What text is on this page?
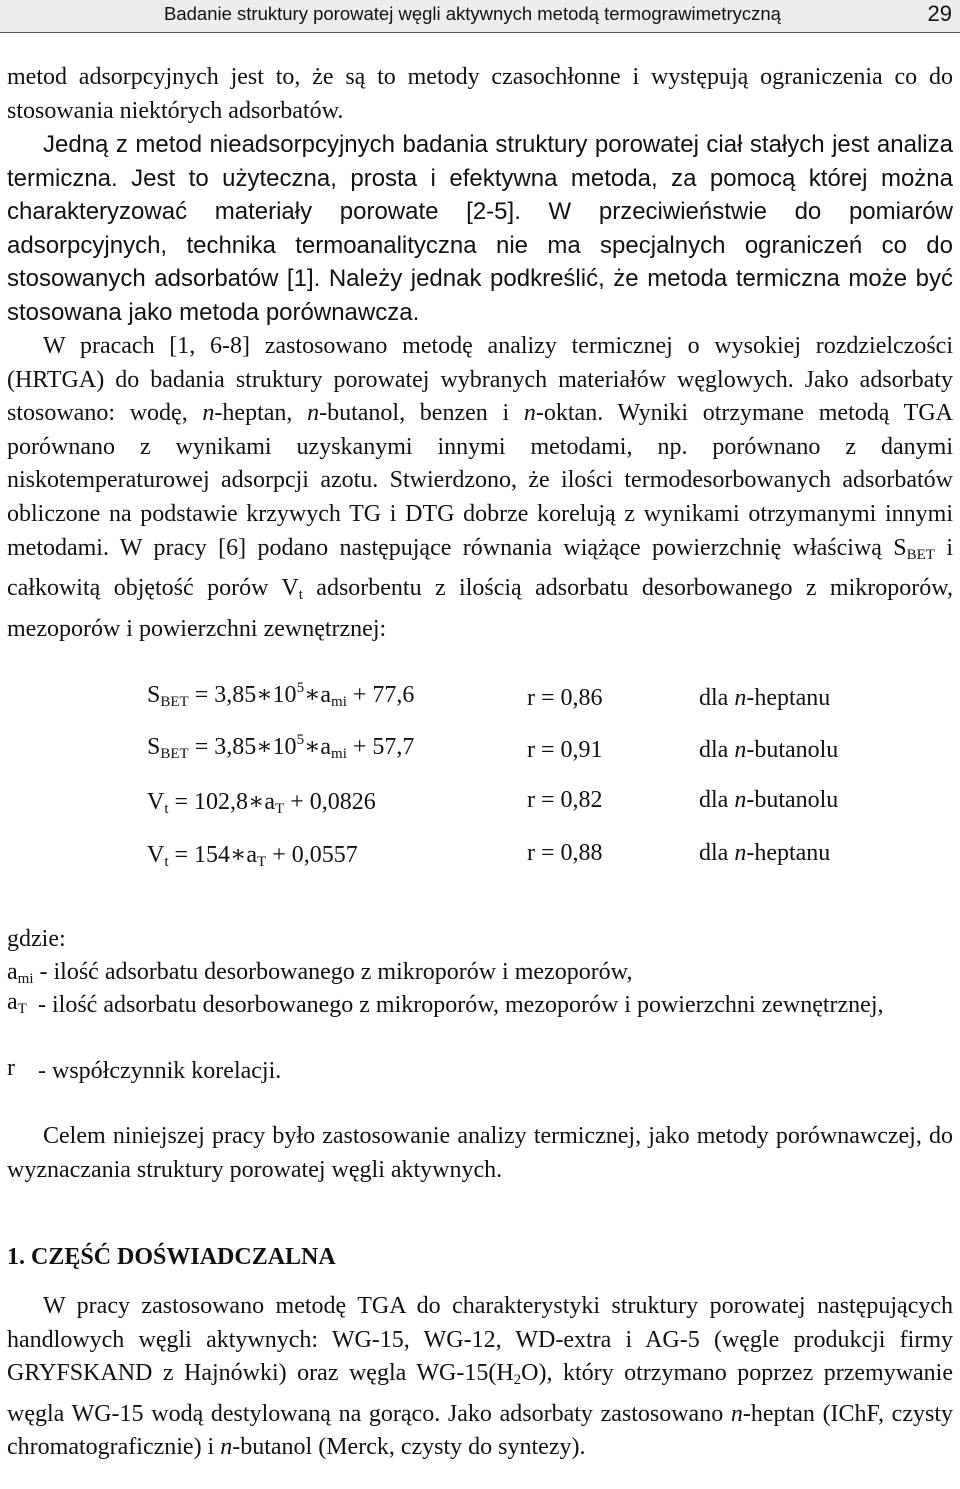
Badanie struktury porowatej węgli aktywnych metodą termograwimetryczną	29

metod adsorpcyjnych jest to, że są to metody czasochłonne i występują ograniczenia co do stosowania niektórych adsorbatów.

Jedną z metod nieadsorpcyjnych badania struktury porowatej ciał stałych jest analiza termiczna. Jest to użyteczna, prosta i efektywna metoda, za pomocą której można charakteryzować materiały porowate [2-5]. W przeciwieństwie do pomiarów adsorpcyjnych, technika termoanalityczna nie ma specjalnych ograniczeń co do stosowanych adsorbatów [1]. Należy jednak podkreślić, że metoda termiczna może być stosowana jako metoda porównawcza.

W pracach [1, 6-8] zastosowano metodę analizy termicznej o wysokiej rozdzielczości (HRTGA) do badania struktury porowatej wybranych materiałów węglowych. Jako adsorbaty stosowano: wodę, n-heptan, n-butanol, benzen i n-oktan. Wyniki otrzymane metodą TGA porównano z wynikami uzyskanymi innymi metodami, np. porównano z danymi niskotemperaturowej adsorpcji azotu. Stwierdzono, że ilości termodesorbowanych adsorbatów obliczone na podstawie krzywych TG i DTG dobrze korelują z wynikami otrzymanymi innymi metodami. W pracy [6] podano następujące równania wiążące powierzchnię właściwą $S_{BET}$ i całkowitą objętość porów $V_t$ adsorbentu z ilością adsorbatu desorbowanego z mikroporów, mezoporów i powierzchni zewnętrznej:

$S_{BET}$ = $3,85∗10^5∗a_{mi} + 77,6$	r = 0,86	dla n-heptanu
$S_{BET}$ = $3,85∗10^5∗a_{mi} + 57,7$	r = 0,91	dla n-butanolu
$V_t$ = $102,8∗a_T + 0,0826$	r = 0,82	dla n-butanolu
$V_t$ = $154∗a_T + 0,0557$	r = 0,88	dla n-heptanu
gdzie:
$a_{mi}$ - ilość adsorbatu desorbowanego z mikroporów i mezoporów,
$a_T$ - ilość adsorbatu desorbowanego z mikroporów, mezoporów i powierzchni zewnętrznej,
r - współczynnik korelacji.

Celem niniejszej pracy było zastosowanie analizy termicznej, jako metody porównawczej, do wyznaczania struktury porowatej węgli aktywnych.

1. CZĘŚĆ DOŚWIADCZALNA

W pracy zastosowano metodę TGA do charakterystyki struktury porowatej następujących handlowych węgli aktywnych: WG-15, WG-12, WD-extra i AG-5 (węgle produkcji firmy GRYFSKAND z Hajnówki) oraz węgla $WG-15(H_2O)$, który otrzymano poprzez przemywanie węgla WG-15 wodą destylowaną na gorąco. Jako adsorbaty zastosowano n-heptan (IChF, czysty chromatograficznie) i n-butanol (Merck, czysty do syntezy).
